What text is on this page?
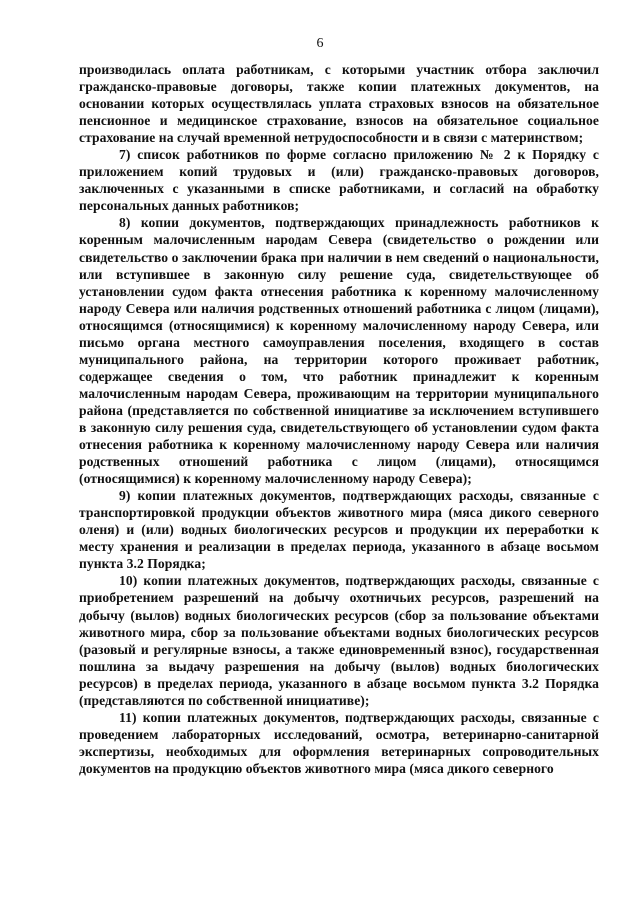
6

производилась оплата работникам, с которыми участник отбора заключил гражданско-правовые договоры, также копии платежных документов, на основании которых осуществлялась уплата страховых взносов на обязательное пенсионное и медицинское страхование, взносов на обязательное социальное страхование на случай временной нетрудоспособности и в связи с материнством;

7) список работников по форме согласно приложению № 2 к Порядку с приложением копий трудовых и (или) гражданско-правовых договоров, заключенных с указанными в списке работниками, и согласий на обработку персональных данных работников;

8) копии документов, подтверждающих принадлежность работников к коренным малочисленным народам Севера (свидетельство о рождении или свидетельство о заключении брака при наличии в нем сведений о национальности, или вступившее в законную силу решение суда, свидетельствующее об установлении судом факта отнесения работника к коренному малочисленному народу Севера или наличия родственных отношений работника с лицом (лицами), относящимся (относящимися) к коренному малочисленному народу Севера, или письмо органа местного самоуправления поселения, входящего в состав муниципального района, на территории которого проживает работник, содержащее сведения о том, что работник принадлежит к коренным малочисленным народам Севера, проживающим на территории муниципального района (представляется по собственной инициативе за исключением вступившего в законную силу решения суда, свидетельствующего об установлении судом факта отнесения работника к коренному малочисленному народу Севера или наличия родственных отношений работника с лицом (лицами), относящимся (относящимися) к коренному малочисленному народу Севера);

9) копии платежных документов, подтверждающих расходы, связанные с транспортировкой продукции объектов животного мира (мяса дикого северного оленя) и (или) водных биологических ресурсов и продукции их переработки к месту хранения и реализации в пределах периода, указанного в абзаце восьмом пункта 3.2 Порядка;

10) копии платежных документов, подтверждающих расходы, связанные с приобретением разрешений на добычу охотничьих ресурсов, разрешений на добычу (вылов) водных биологических ресурсов (сбор за пользование объектами животного мира, сбор за пользование объектами водных биологических ресурсов (разовый и регулярные взносы, а также единовременный взнос), государственная пошлина за выдачу разрешения на добычу (вылов) водных биологических ресурсов) в пределах периода, указанного в абзаце восьмом пункта 3.2 Порядка (представляются по собственной инициативе);

11) копии платежных документов, подтверждающих расходы, связанные с проведением лабораторных исследований, осмотра, ветеринарно-санитарной экспертизы, необходимых для оформления ветеринарных сопроводительных документов на продукцию объектов животного мира (мяса дикого северного
